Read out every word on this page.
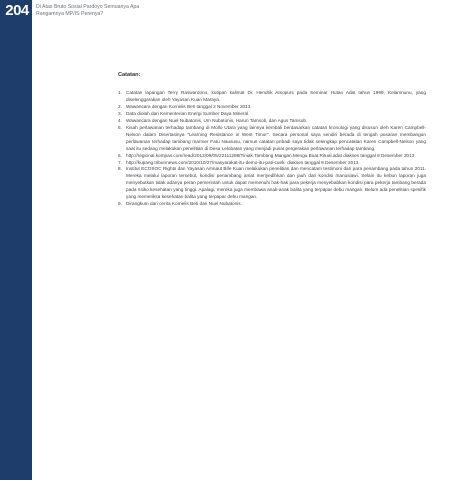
204	Di Atas Bruto Sosial Pardoyo Semuanya Apa
Rangamnya MP/IS Perenya?
Catatan:
1. Catatan lapangan Terry Raswardono, kutipan kalimat Dr. Hendrik Atsopurs pada Seminar Hutan Adat tahun 1999, Kelamnunu, yang diselenggarakan oleh Yayasan Kuan Maraya.
2. Wawancara dengan Kornelis Beti tanggal 2 November 2013.
3. Data diolah dari Kementerian Energi Sumber Daya Mineral.
4. Wawancara dengan Nuel Nubatonis, Um Nubatonis, Harun Tamsob, dan Agus Tamsob.
5. Kisah perlawanan terhadap tambang di Mollo Utara yang lainnya kembali berdasarkan catatan kronologi yang disusun oleh Karen Campbell-Nelson dalam Disertasinya "Learning Resistance in West Timor". Secara personal saya sendiri berada di tengah pusaran membangun perlawanan terhadap tambang marmer Fatu Naususu, namun catatan pribadi saya tidak selengkap pencatatan Karen Campbell-Nelson yang saat itu sedang melakukan penelitian di Desa Lelobatan yang menjadi pusat pergerakan perlawanan terhadap tambang.
6. http://regional.kompas.com/read/2012/09/05/22111288/Tiniak.Tambang.Mangan.Mengu.Buat.Ritual.adat diakses tanggal 8 Desember 2013.
7. http://kupang.tribunnews.com/2010/10/27/masyarakat-itu-demo-itu-pati-cuek- diakses tanggal 8 Desember 2013.
8. Institut ECOSOC Rights dan Yayasan Amnaut Bife Kuan melakukan penelitian dan mencatam testimoni dari para penambang pada tahun 2011. Mereka melalui laporan tersebut, kondisi penambang amat menyedihkan dan jauh dari kondisi manusiawi. Selain itu kebun laporan juga menyebutkan tidak adanya peran pemerintah untuk dapat memenuhi hak-hak para pekerja menyebabkan kondisi para pekerja tambang berada pada risiko kesehatan yang tinggi. Apalagi, mereka juga membawa anak-anak balita yang terpapar debu mangan. Belum ada penelitian spesifik yang memeriksa kesehatan balita yang terpapar debu mangan.
9. Dirangkum dari cerita Kornelis Beti dan Nuel Nubatonis.
